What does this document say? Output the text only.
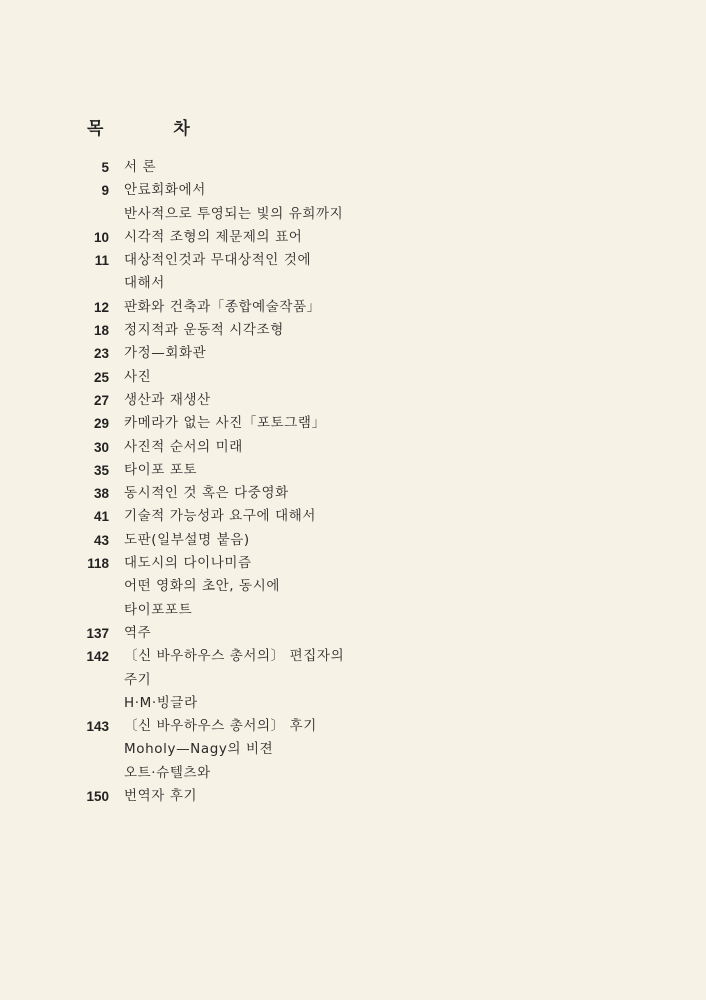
목 차
5 서 론
9 안료회화에서
반사적으로 투영되는 빛의 유희까지
10 시각적 조형의 제문제의 표어
11 대상적인것과 무대상적인 것에
대해서
12 판화와 건축과「종합예술작품」
18 정지적과 운동적 시각조형
23 가정—회화관
25 사진
27 생산과 재생산
29 카메라가 없는 사진「포토그램」
30 사진적 순서의 미래
35 타이포 포토
38 동시적인 것 혹은 다중영화
41 기술적 가능성과 요구에 대해서
43 도판(일부설명 붙음)
118 대도시의 다이나미즘
어떤 영화의 초안, 동시에
타이포포트
137 역주
142 〔신 바우하우스 총서의〕 편집자의
주기
H·M·빙글라
143 〔신 바우하우스 총서의〕 후기
Moholy—Nagy의 비젼
오트·슈텔츠와
150 번역자 후기
